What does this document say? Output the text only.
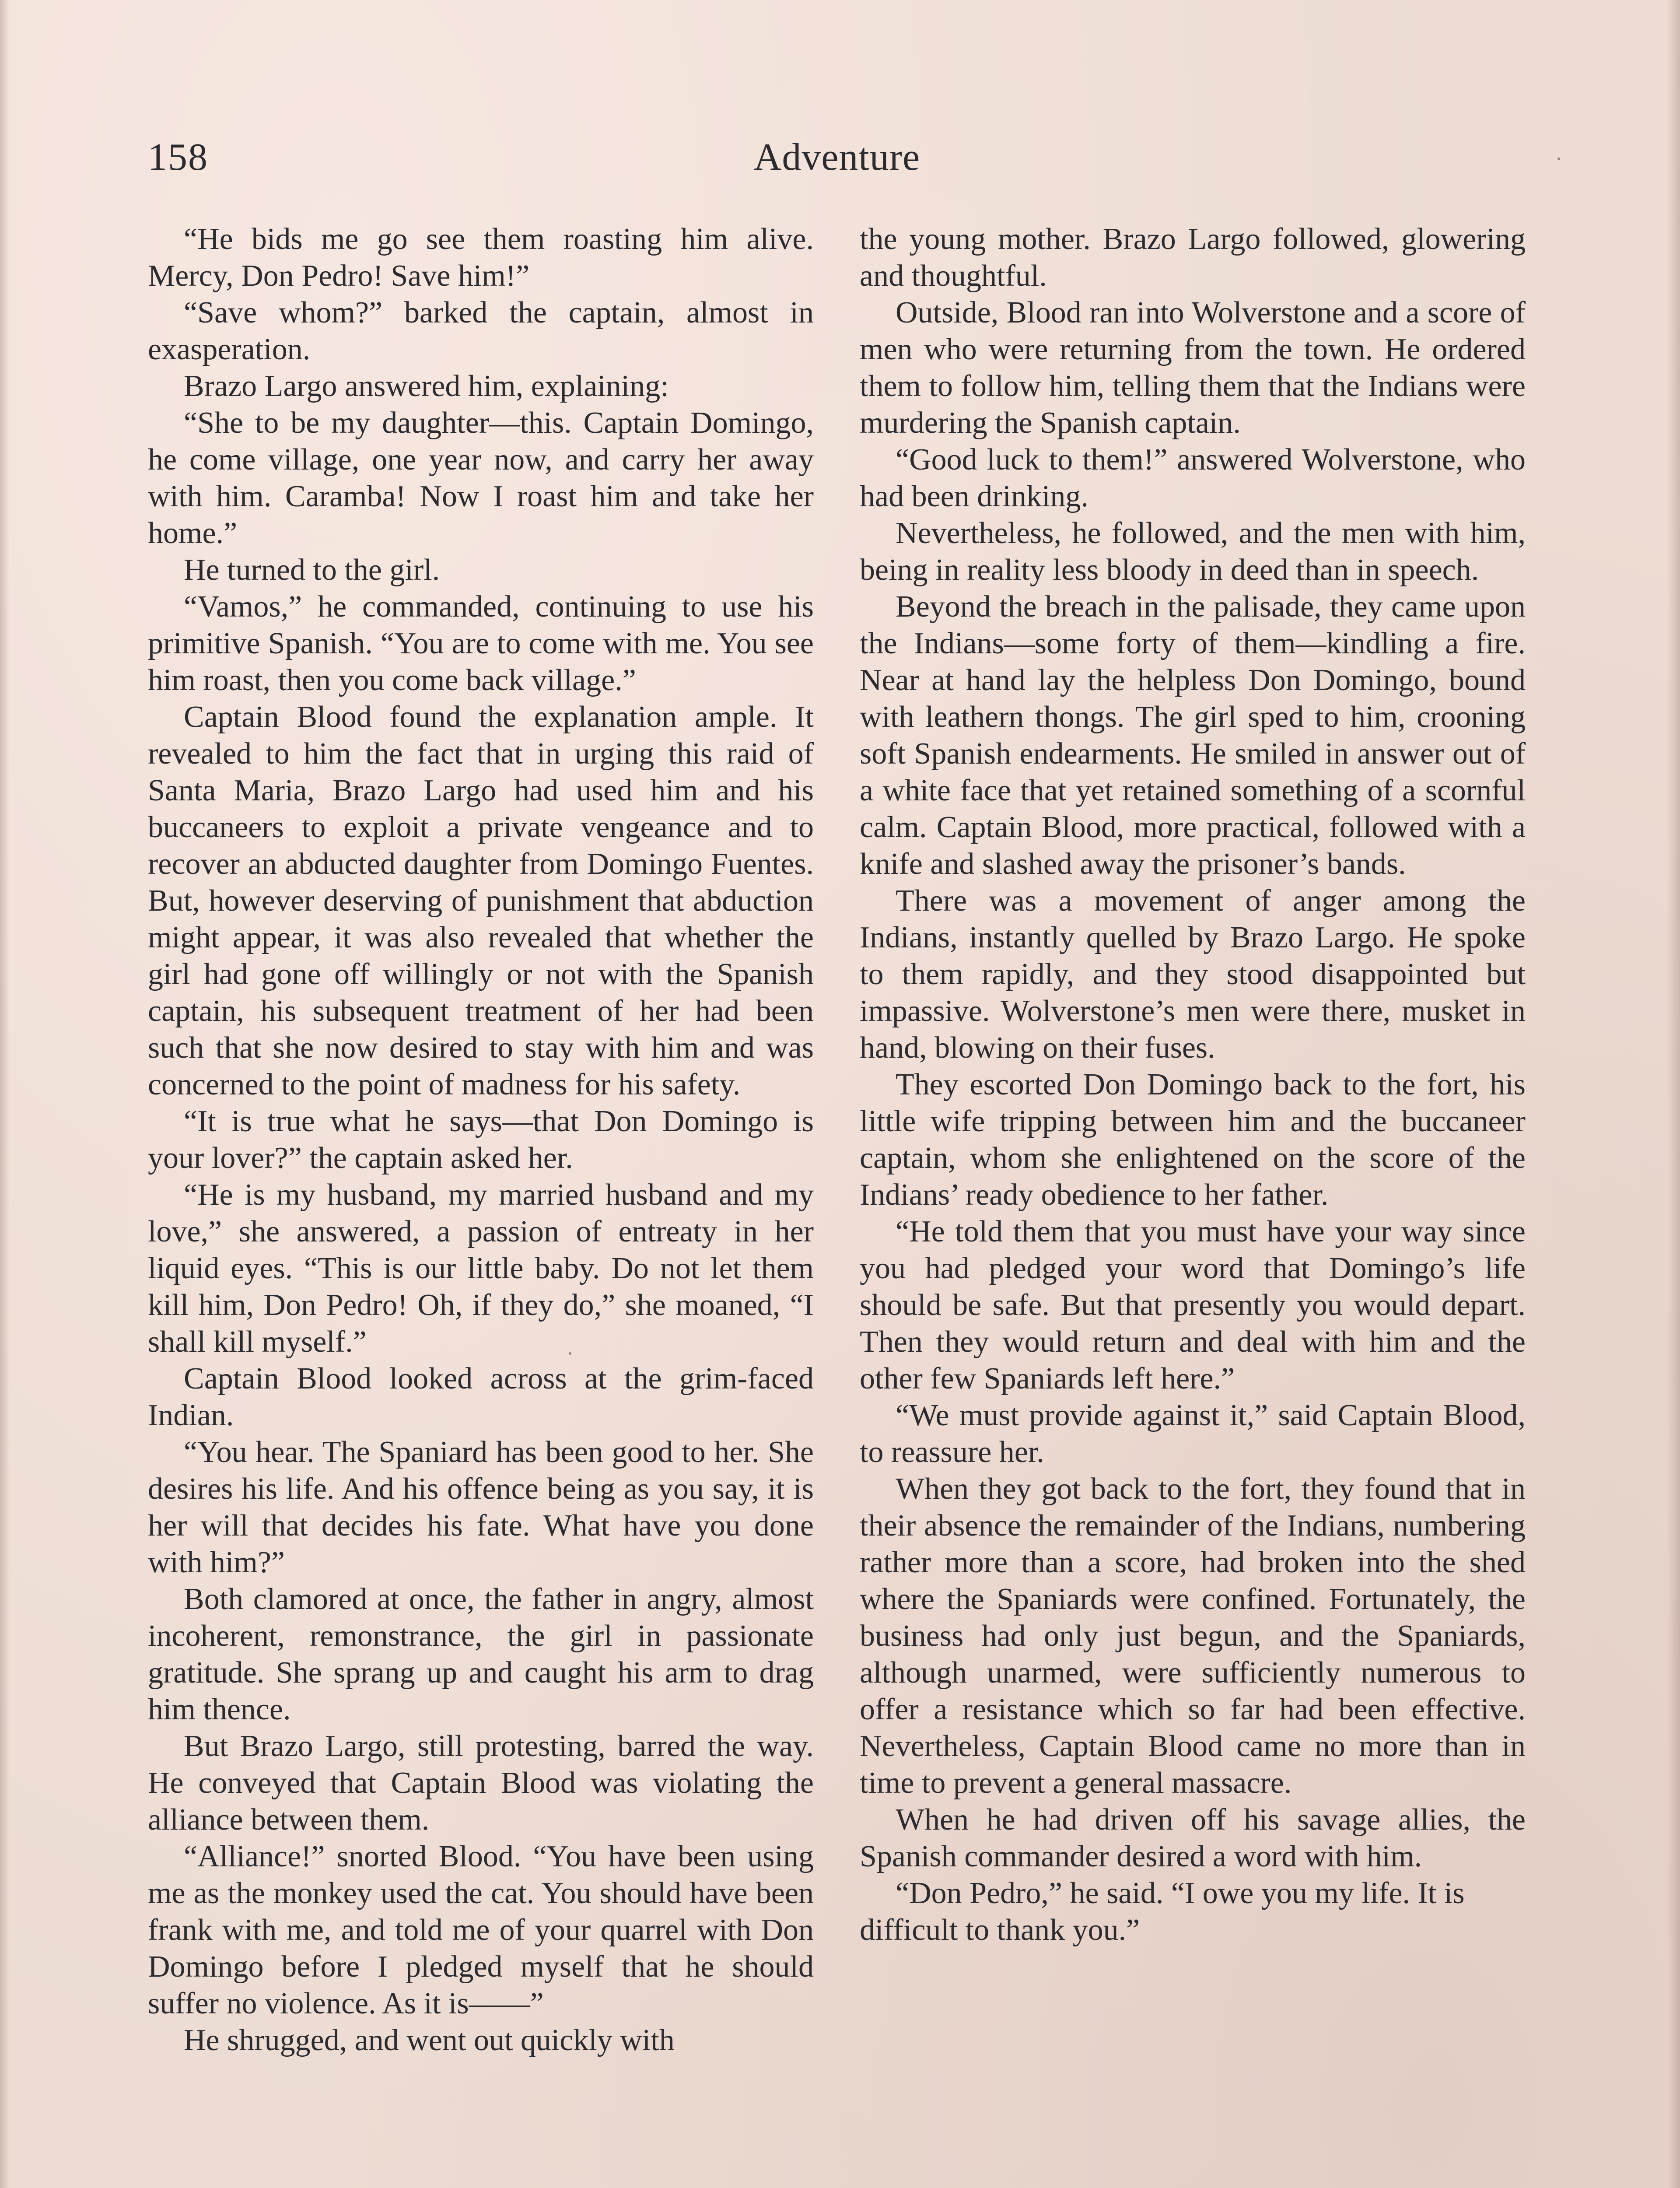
158	Adventure

“He bids me go see them roasting him alive. Mercy, Don Pedro! Save him!”

“Save whom?” barked the captain, almost in exasperation.

Brazo Largo answered him, explaining:

“She to be my daughter—this. Captain Domingo, he come village, one year now, and carry her away with him. Caramba! Now I roast him and take her home.”

He turned to the girl.

“Vamos,” he commanded, continuing to use his primitive Spanish. “You are to come with me. You see him roast, then you come back village.”

Captain Blood found the explanation ample. It revealed to him the fact that in urging this raid of Santa Maria, Brazo Largo had used him and his buccaneers to exploit a private vengeance and to recover an abducted daughter from Domingo Fuentes. But, however deserving of punishment that abduction might appear, it was also revealed that whether the girl had gone off willingly or not with the Spanish captain, his subsequent treatment of her had been such that she now desired to stay with him and was concerned to the point of madness for his safety.

“It is true what he says—that Don Domingo is your lover?” the captain asked her.

“He is my husband, my married husband and my love,” she answered, a passion of entreaty in her liquid eyes. “This is our little baby. Do not let them kill him, Don Pedro! Oh, if they do,” she moaned, “I shall kill myself.”

Captain Blood looked across at the grim-faced Indian.

“You hear. The Spaniard has been good to her. She desires his life. And his offence being as you say, it is her will that decides his fate. What have you done with him?”

Both clamored at once, the father in angry, almost incoherent, remonstrance, the girl in passionate gratitude. She sprang up and caught his arm to drag him thence.

But Brazo Largo, still protesting, barred the way. He conveyed that Captain Blood was violating the alliance between them.

“Alliance!” snorted Blood. “You have been using me as the monkey used the cat. You should have been frank with me, and told me of your quarrel with Don Domingo before I pledged myself that he should suffer no violence. As it is——”

He shrugged, and went out quickly with

the young mother. Brazo Largo followed, glowering and thoughtful.

Outside, Blood ran into Wolverstone and a score of men who were returning from the town. He ordered them to follow him, telling them that the Indians were murdering the Spanish captain.

“Good luck to them!” answered Wolverstone, who had been drinking.

Nevertheless, he followed, and the men with him, being in reality less bloody in deed than in speech.

Beyond the breach in the palisade, they came upon the Indians—some forty of them—kindling a fire. Near at hand lay the helpless Don Domingo, bound with leathern thongs. The girl sped to him, crooning soft Spanish endearments. He smiled in answer out of a white face that yet retained something of a scornful calm. Captain Blood, more practical, followed with a knife and slashed away the prisoner’s bands.

There was a movement of anger among the Indians, instantly quelled by Brazo Largo. He spoke to them rapidly, and they stood disappointed but impassive. Wolverstone’s men were there, musket in hand, blowing on their fuses.

They escorted Don Domingo back to the fort, his little wife tripping between him and the buccaneer captain, whom she enlightened on the score of the Indians’ ready obedience to her father.

“He told them that you must have your way since you had pledged your word that Domingo’s life should be safe. But that presently you would depart. Then they would return and deal with him and the other few Spaniards left here.”

“We must provide against it,” said Captain Blood, to reassure her.

When they got back to the fort, they found that in their absence the remainder of the Indians, numbering rather more than a score, had broken into the shed where the Spaniards were confined. Fortunately, the business had only just begun, and the Spaniards, although unarmed, were sufficiently numerous to offer a resistance which so far had been effective. Nevertheless, Captain Blood came no more than in time to prevent a general massacre.

When he had driven off his savage allies, the Spanish commander desired a word with him.

“Don Pedro,” he said. “I owe you my life. It is difficult to thank you.”
